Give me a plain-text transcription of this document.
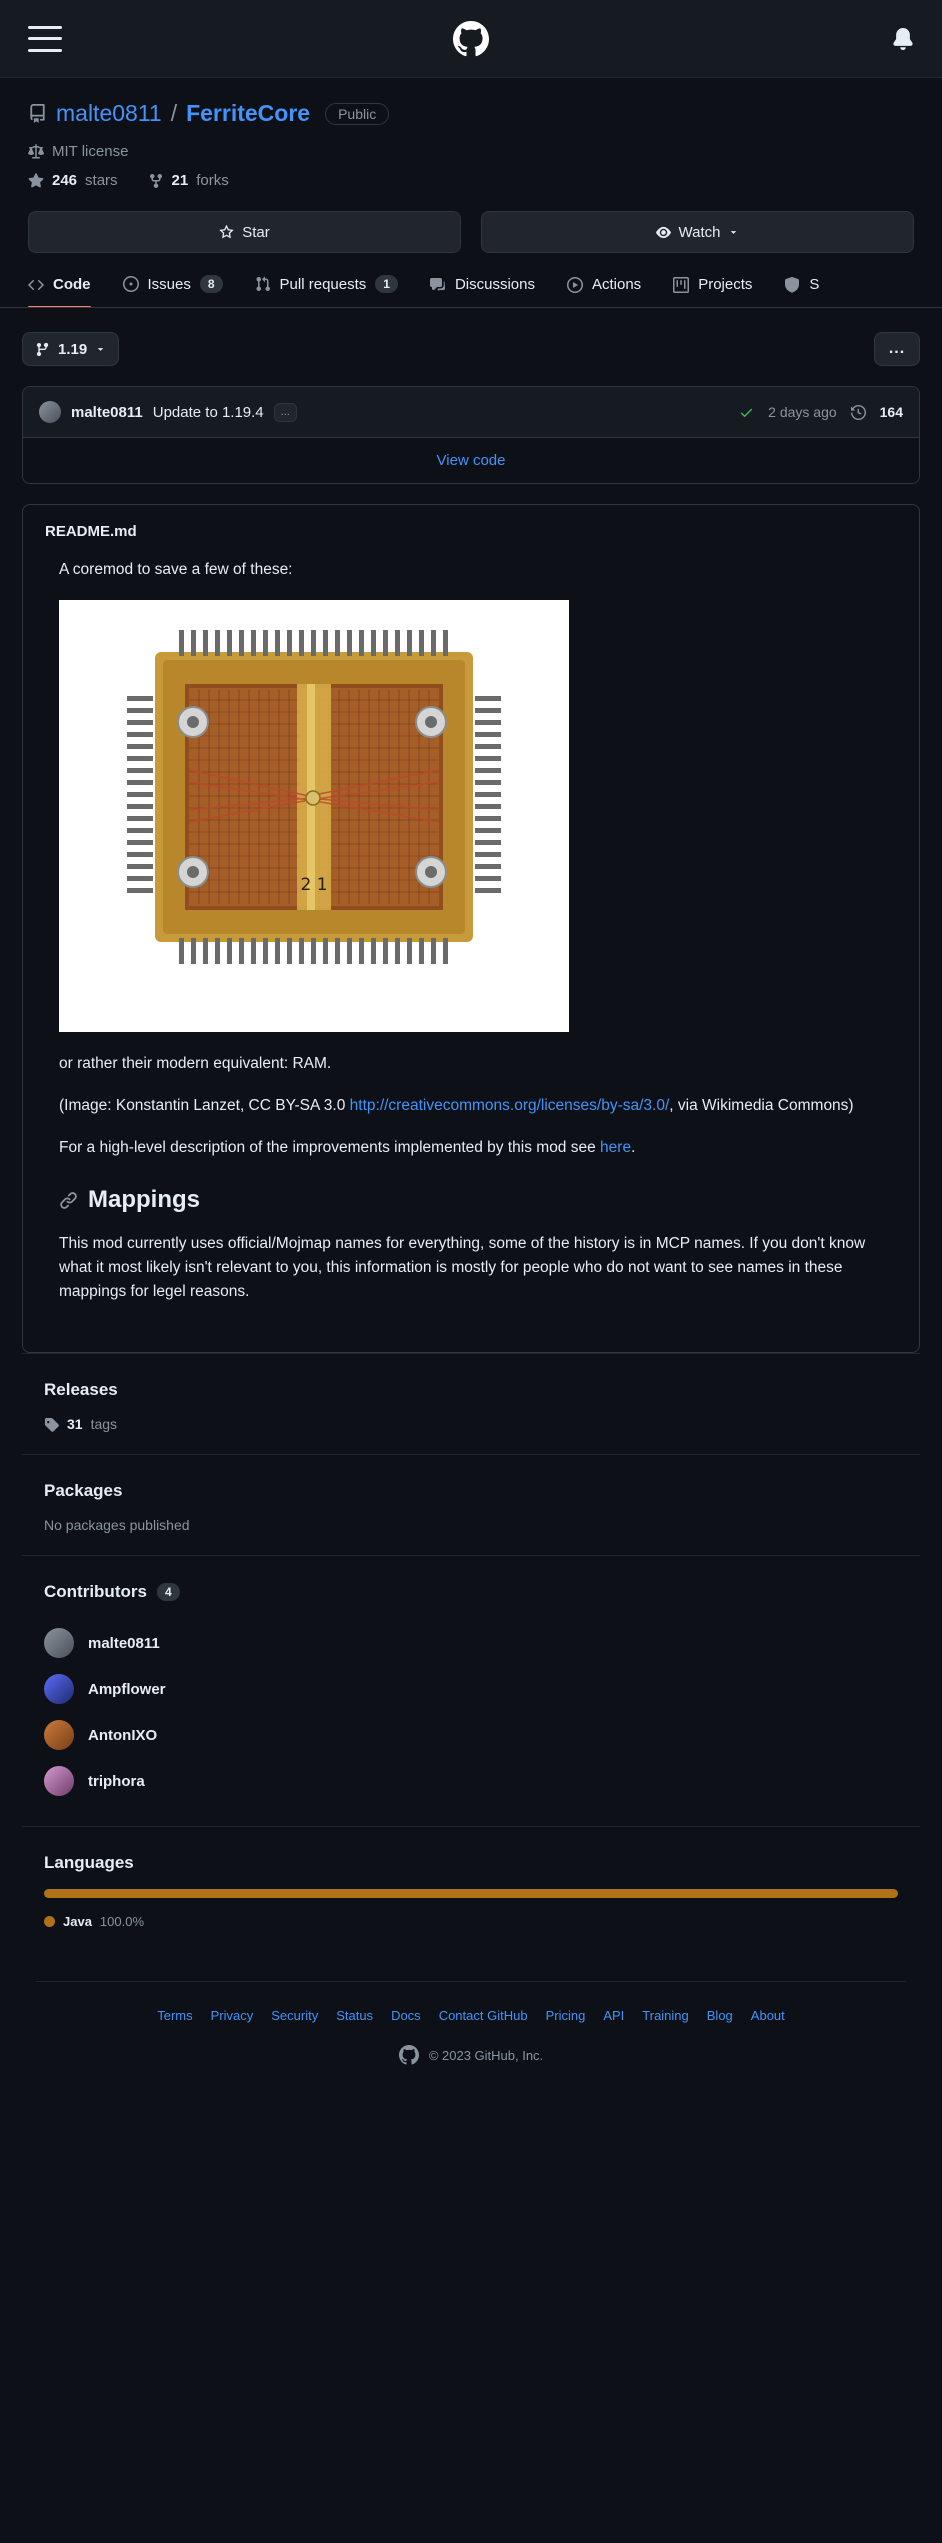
malte0811 / FerriteCore	Public
MIT license
246 stars	21 forks
Star	Watch
Code	Issues	8	Pull requests	1	Discussions	Actions	Projects	S
1.19	...
malte0811 Update to 1.19.4	...	2 days ago	164
View code
README.md

A coremod to save a few of these:

2 1

or rather their modern equivalent: RAM.

(Image: Konstantin Lanzet, CC BY-SA 3.0 http://creativecommons.org/licenses/by-sa/3.0/, via Wikimedia Commons)

For a high-level description of the improvements implemented by this mod see here.

Mappings

This mod currently uses official/Mojmap names for everything, some of the history is in MCP names. If you don't know what it most likely isn't relevant to you, this information is mostly for people who do not want to see names in these mappings for legel reasons.

Releases
31 tags
Packages
No packages published
Contributors	4
malte0811
Ampflower
AntonIXO
triphora
Languages
Java 100.0%
Terms Privacy Security Status Docs Contact GitHub Pricing API Training Blog About
© 2023 GitHub, Inc.
